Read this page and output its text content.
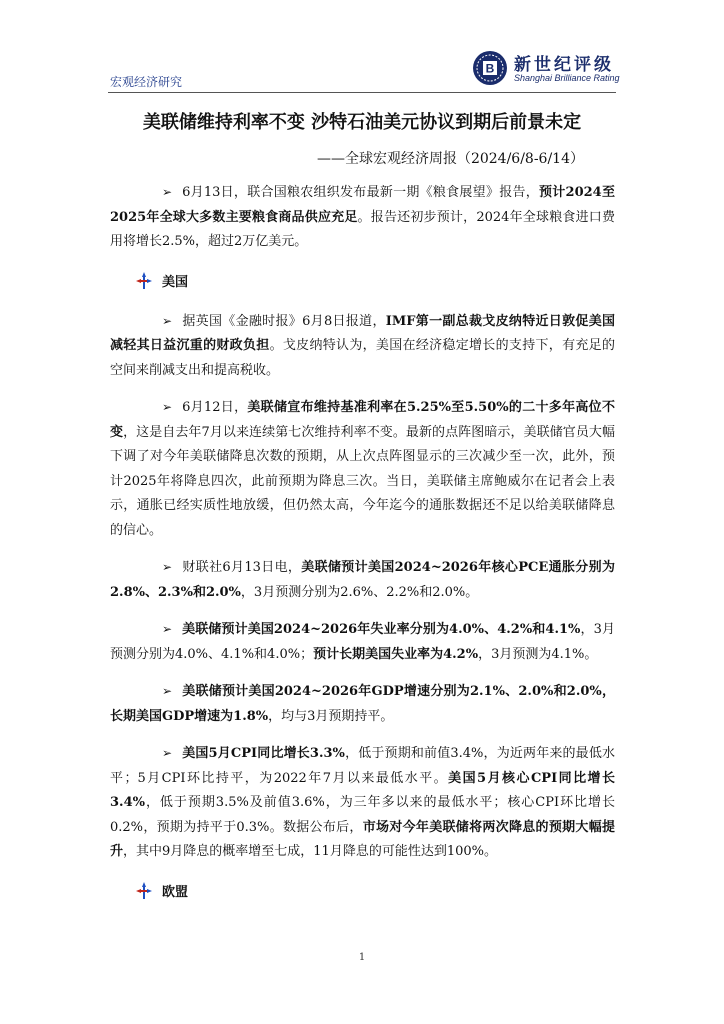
宏观经济研究
B 新世纪评级
Shanghai Brilliance Rating
美联储维持利率不变 沙特石油美元协议到期后前景未定
——全球宏观经济周报（2024/6/8-6/14）

➢ 6月13日，联合国粮农组织发布最新一期《粮食展望》报告，预计2024至2025年全球大多数主要粮食商品供应充足。报告还初步预计，2024年全球粮食进口费用将增长2.5%，超过2万亿美元。

美国

➢ 据英国《金融时报》6月8日报道，IMF第一副总裁戈皮纳特近日敦促美国减轻其日益沉重的财政负担。戈皮纳特认为，美国在经济稳定增长的支持下，有充足的空间来削减支出和提高税收。

➢ 6月12日，美联储宣布维持基准利率在5.25%至5.50%的二十多年高位不变，这是自去年7月以来连续第七次维持利率不变。最新的点阵图暗示，美联储官员大幅下调了对今年美联储降息次数的预期，从上次点阵图显示的三次减少至一次，此外，预计2025年将降息四次，此前预期为降息三次。当日，美联储主席鲍威尔在记者会上表示，通胀已经实质性地放缓，但仍然太高，今年迄今的通胀数据还不足以给美联储降息的信心。

➢ 财联社6月13日电，美联储预计美国2024~2026年核心PCE通胀分别为2.8%、2.3%和2.0%，3月预测分别为2.6%、2.2%和2.0%。

➢ 美联储预计美国2024~2026年失业率分别为4.0%、4.2%和4.1%，3月预测分别为4.0%、4.1%和4.0%；预计长期美国失业率为4.2%，3月预测为4.1%。

➢ 美联储预计美国2024~2026年GDP增速分别为2.1%、2.0%和2.0%，长期美国GDP增速为1.8%，均与3月预期持平。

➢ 美国5月CPI同比增长3.3%，低于预期和前值3.4%，为近两年来的最低水平；5月CPI环比持平，为2022年7月以来最低水平。美国5月核心CPI同比增长3.4%，低于预期3.5%及前值3.6%，为三年多以来的最低水平；核心CPI环比增长0.2%，预期为持平于0.3%。数据公布后，市场对今年美联储将两次降息的预期大幅提升，其中9月降息的概率增至七成，11月降息的可能性达到100%。

欧盟
1
